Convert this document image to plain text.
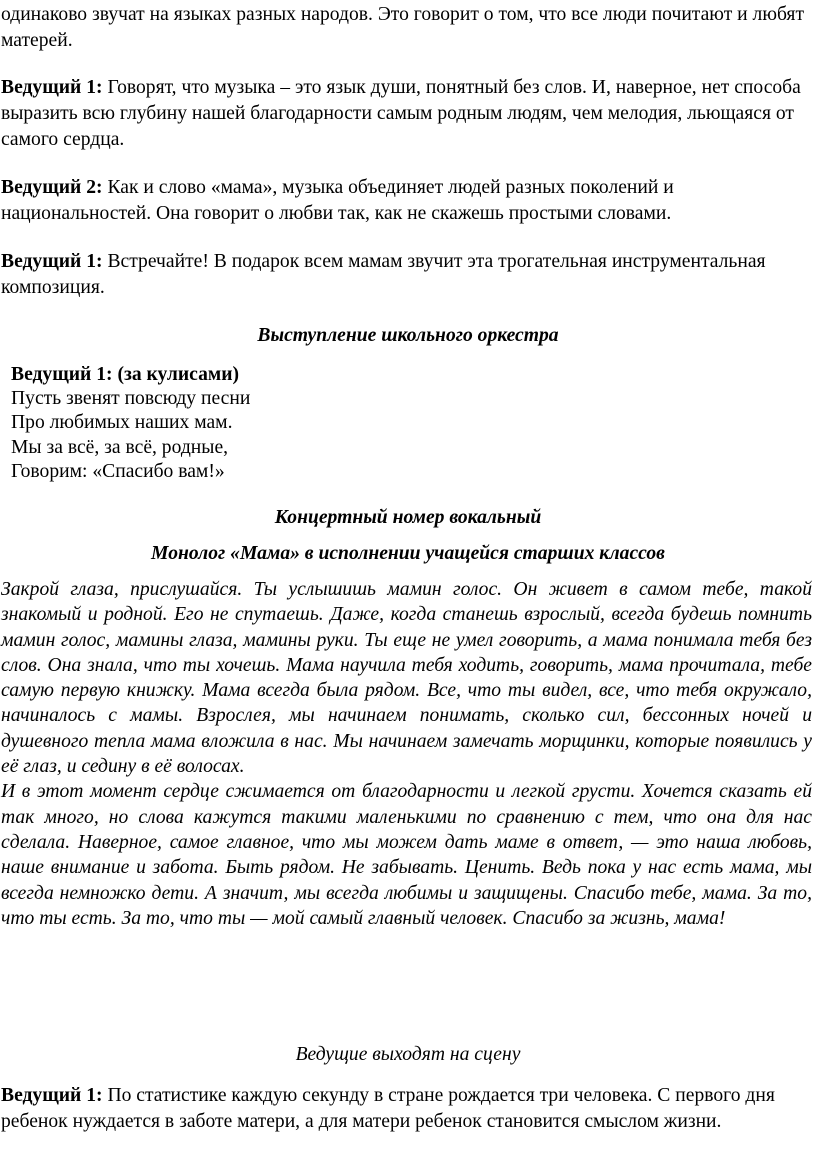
одинаково звучат на языках разных народов. Это говорит о том, что все люди почитают и любят матерей.

Ведущий 1: Говорят, что музыка – это язык души, понятный без слов. И, наверное, нет способа выразить всю глубину нашей благодарности самым родным людям, чем мелодия, льющаяся от самого сердца.

Ведущий 2: Как и слово «мама», музыка объединяет людей разных поколений и национальностей. Она говорит о любви так, как не скажешь простыми словами.

Ведущий 1: Встречайте! В подарок всем мамам звучит эта трогательная инструментальная композиция.

Выступление школьного оркестра

Ведущий 1: (за кулисами)

Пусть звенят повсюду песни

Про любимых наших мам.

Мы за всё, за всё, родные,

Говорим: «Спасибо вам!»

Концертный номер вокальный

Монолог «Мама» в исполнении учащейся старших классов

Закрой глаза, прислушайся. Ты услышишь мамин голос. Он живет в самом тебе, такой знакомый и родной. Его не спутаешь. Даже, когда станешь взрослый, всегда будешь помнить мамин голос, мамины глаза, мамины руки. Ты еще не умел говорить, а мама понимала тебя без слов. Она знала, что ты хочешь. Мама научила тебя ходить, говорить, мама прочитала, тебе самую первую книжку. Мама всегда была рядом. Все, что ты видел, все, что тебя окружало, начиналось с мамы. Взрослея, мы начинаем понимать, сколько сил, бессонных ночей и душевного тепла мама вложила в нас. Мы начинаем замечать морщинки, которые появились у её глаз, и седину в её волосах.

И в этот момент сердце сжимается от благодарности и легкой грусти. Хочется сказать ей так много, но слова кажутся такими маленькими по сравнению с тем, что она для нас сделала. Наверное, самое главное, что мы можем дать маме в ответ, — это наша любовь, наше внимание и забота. Быть рядом. Не забывать. Ценить. Ведь пока у нас есть мама, мы всегда немножко дети. А значит, мы всегда любимы и защищены. Спасибо тебе, мама. За то, что ты есть. За то, что ты — мой самый главный человек. Спасибо за жизнь, мама!

Ведущие выходят на сцену

Ведущий 1: По статистике каждую секунду в стране рождается три человека. С первого дня ребенок нуждается в заботе матери, а для матери ребенок становится смыслом жизни.
